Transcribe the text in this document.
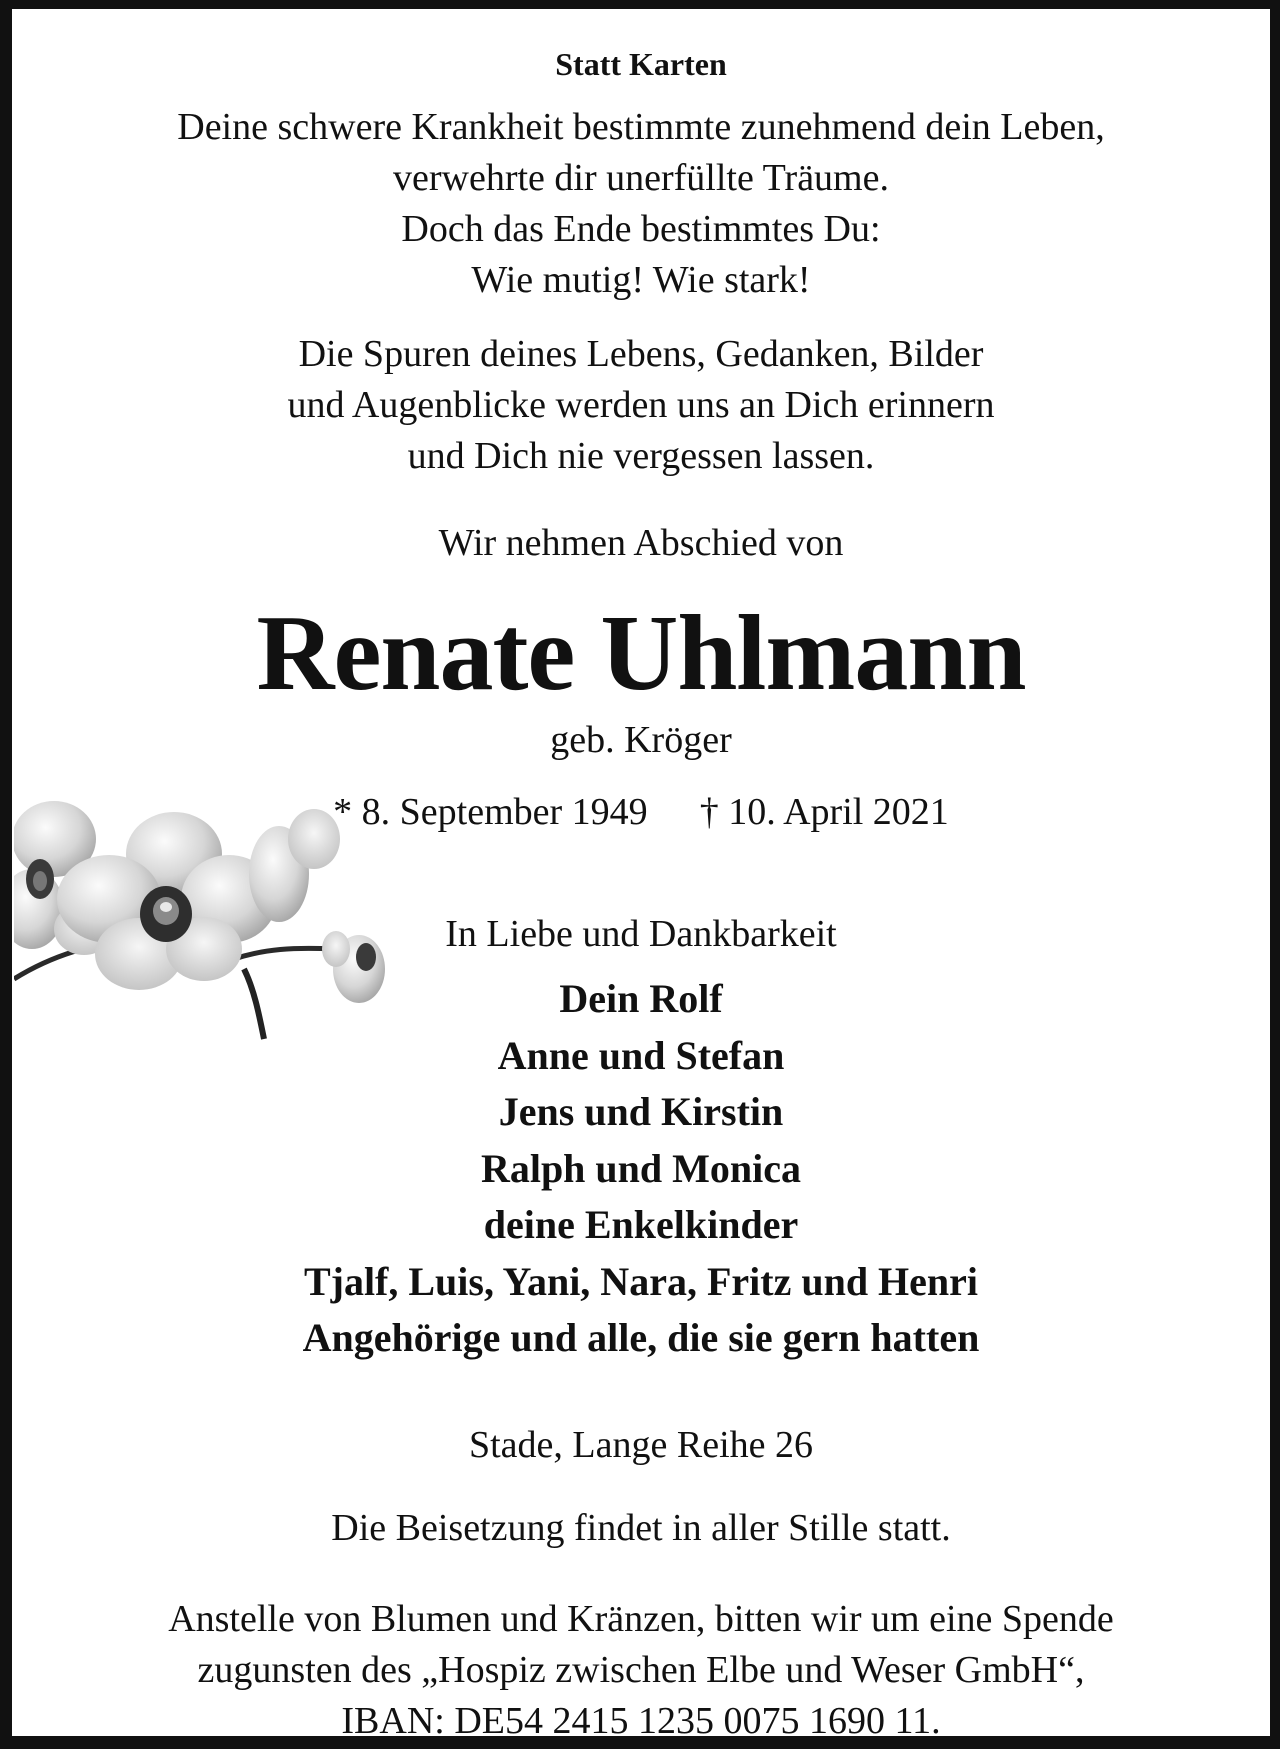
Statt Karten
Deine schwere Krankheit bestimmte zunehmend dein Leben,
verwehrte dir unerfüllte Träume.
Doch das Ende bestimmtes Du:
Wie mutig! Wie stark!
Die Spuren deines Lebens, Gedanken, Bilder
und Augenblicke werden uns an Dich erinnern
und Dich nie vergessen lassen.
Wir nehmen Abschied von
Renate Uhlmann
geb. Kröger
* 8. September 1949 † 10. April 2021
In Liebe und Dankbarkeit
Dein Rolf
Anne und Stefan
Jens und Kirstin
Ralph und Monica
deine Enkelkinder
Tjalf, Luis, Yani, Nara, Fritz und Henri
Angehörige und alle, die sie gern hatten
Stade, Lange Reihe 26
Die Beisetzung findet in aller Stille statt.
Anstelle von Blumen und Kränzen, bitten wir um eine Spende
zugunsten des „Hospiz zwischen Elbe und Weser GmbH“,
IBAN: DE54 2415 1235 0075 1690 11.
